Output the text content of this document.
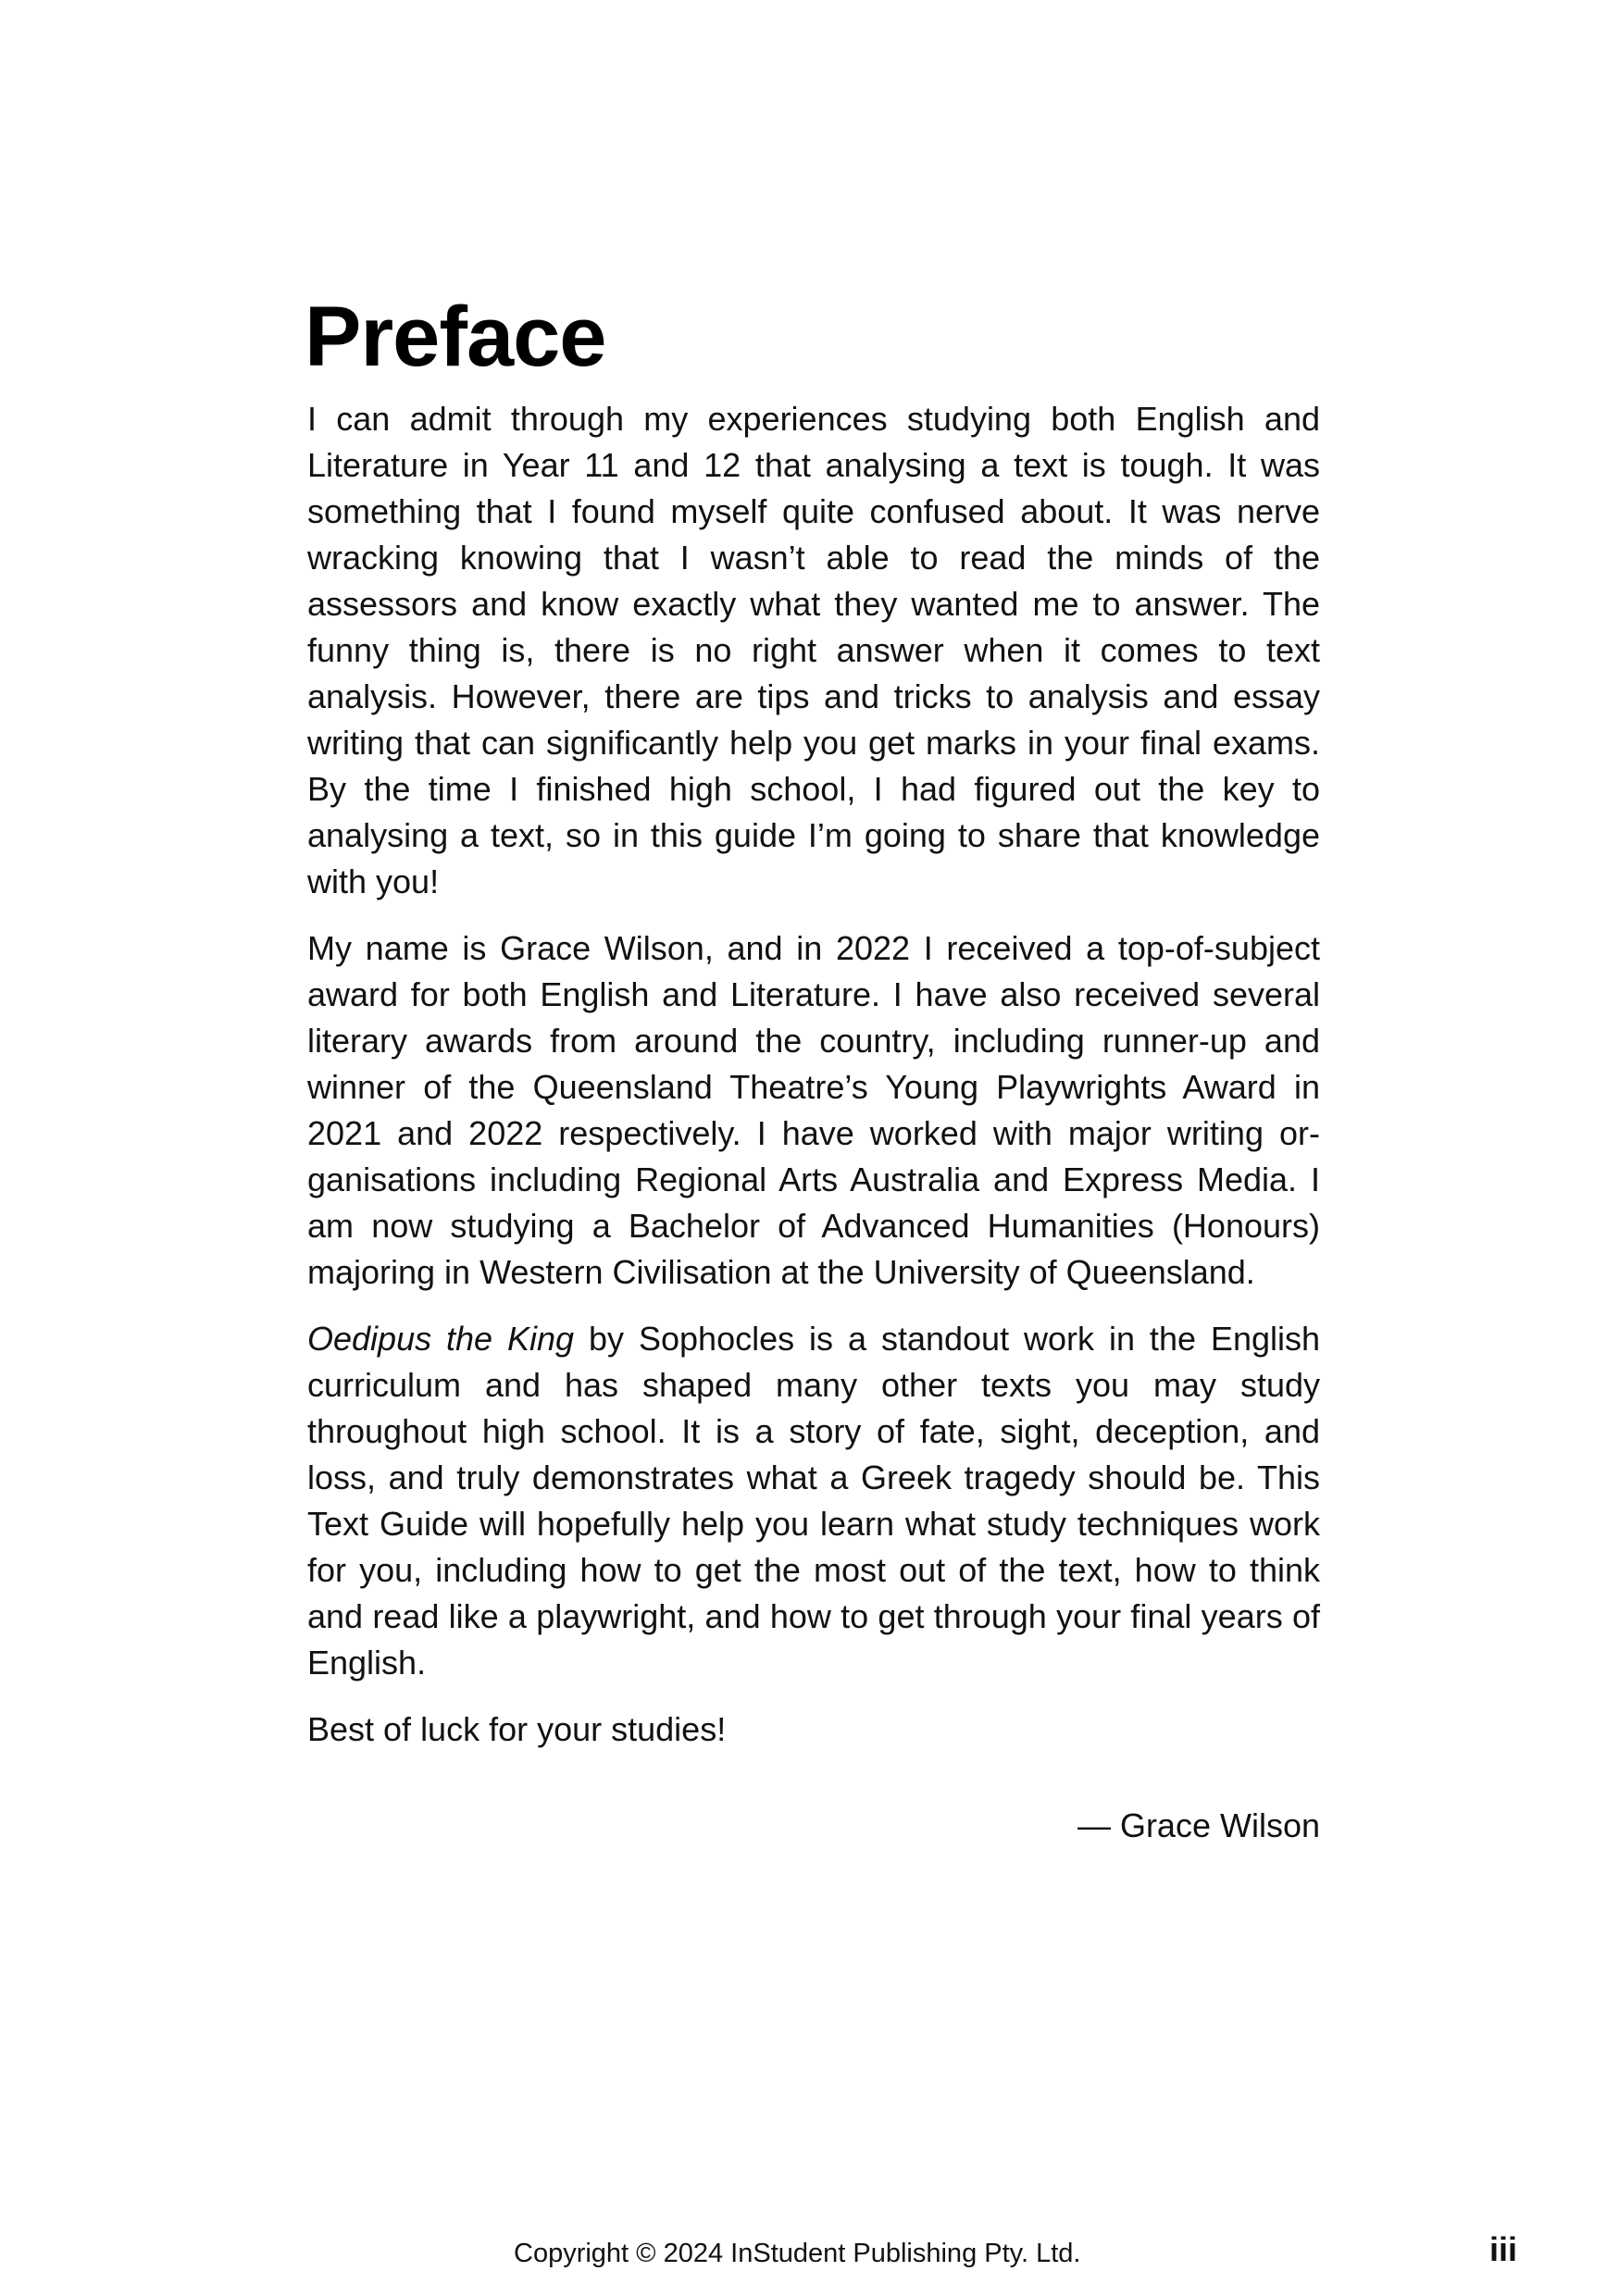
Preface

I can admit through my experiences studying both English and Literature in Year 11 and 12 that analysing a text is tough. It was something that I found myself quite confused about. It was nerve wracking knowing that I wasn’t able to read the minds of the assessors and know exactly what they wanted me to answer. The funny thing is, there is no right answer when it comes to text analysis. However, there are tips and tricks to analysis and essay writing that can significantly help you get marks in your final exams. By the time I finished high school, I had figured out the key to analysing a text, so in this guide I’m going to share that knowledge with you!

My name is Grace Wilson, and in 2022 I received a top-of-subject award for both English and Literature. I have also received several literary awards from around the country, including runner-up and winner of the Queensland Theatre’s Young Playwrights Award in 2021 and 2022 respectively. I have worked with major writing organisations including Regional Arts Australia and Express Media. I am now studying a Bachelor of Advanced Humanities (Honours) majoring in Western Civilisation at the University of Queensland.

Oedipus the King by Sophocles is a standout work in the English curriculum and has shaped many other texts you may study throughout high school. It is a story of fate, sight, deception, and loss, and truly demonstrates what a Greek tragedy should be. This Text Guide will hopefully help you learn what study techniques work for you, including how to get the most out of the text, how to think and read like a playwright, and how to get through your final years of English.

Best of luck for your studies!

— Grace Wilson
Copyright © 2024 InStudent Publishing Pty. Ltd.	iii
